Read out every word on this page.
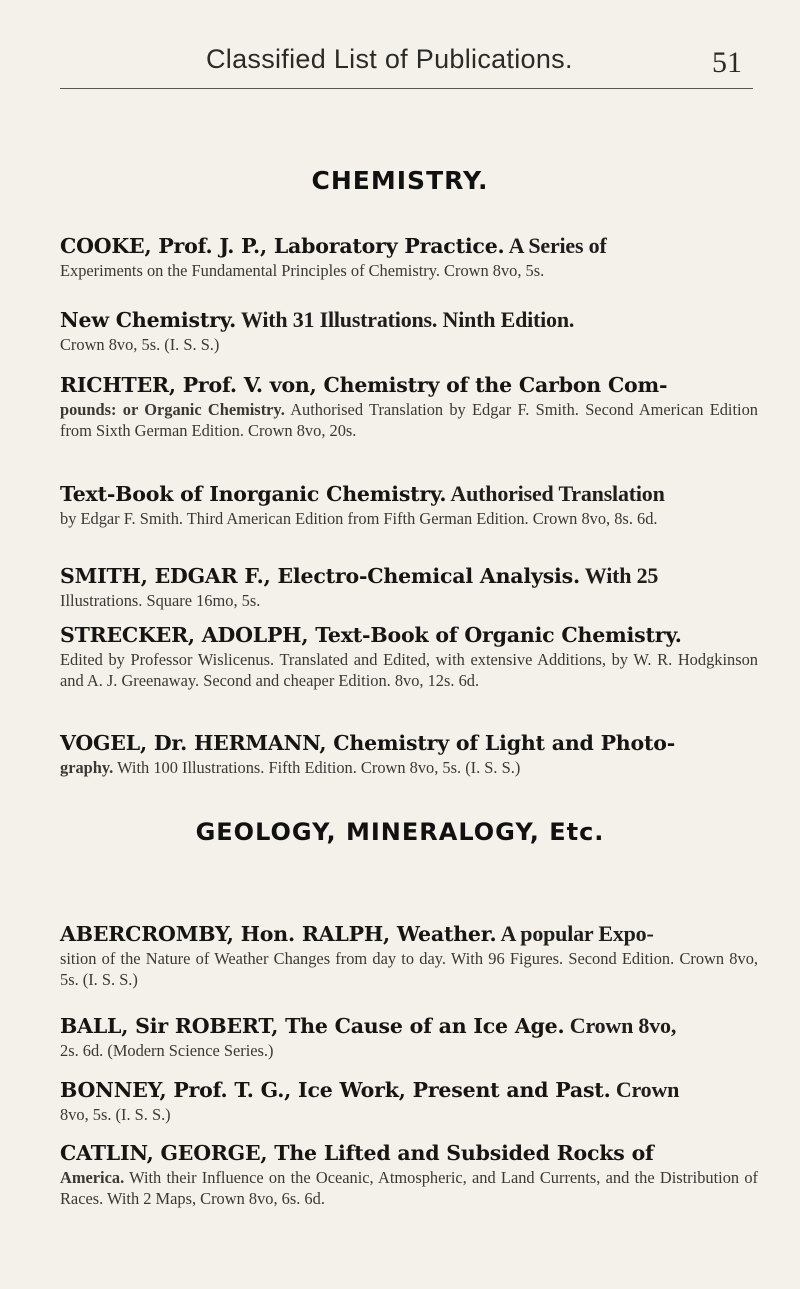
Classified List of Publications.	51
CHEMISTRY.
COOKE, Prof. J. P., Laboratory Practice. A Series of
Experiments on the Fundamental Principles of Chemistry. Crown 8vo, 5s.
New Chemistry. With 31 Illustrations. Ninth Edition.
Crown 8vo, 5s. (I. S. S.)
RICHTER, Prof. V. von, Chemistry of the Carbon Com-
pounds: or Organic Chemistry. Authorised Translation by Edgar F. Smith. Second American Edition from Sixth German Edition. Crown 8vo, 20s.
Text-Book of Inorganic Chemistry. Authorised Translation
by Edgar F. Smith. Third American Edition from Fifth German Edition. Crown 8vo, 8s. 6d.
SMITH, EDGAR F., Electro-Chemical Analysis. With 25
Illustrations. Square 16mo, 5s.
STRECKER, ADOLPH, Text-Book of Organic Chemistry.
Edited by Professor Wislicenus. Translated and Edited, with extensive Additions, by W. R. Hodgkinson and A. J. Greenaway. Second and cheaper Edition. 8vo, 12s. 6d.
VOGEL, Dr. HERMANN, Chemistry of Light and Photo-
graphy. With 100 Illustrations. Fifth Edition. Crown 8vo, 5s. (I. S. S.)
GEOLOGY, MINERALOGY, Etc.
ABERCROMBY, Hon. RALPH, Weather. A popular Expo-
sition of the Nature of Weather Changes from day to day. With 96 Figures. Second Edition. Crown 8vo, 5s. (I. S. S.)
BALL, Sir ROBERT, The Cause of an Ice Age. Crown 8vo,
2s. 6d. (Modern Science Series.)
BONNEY, Prof. T. G., Ice Work, Present and Past. Crown
8vo, 5s. (I. S. S.)
CATLIN, GEORGE, The Lifted and Subsided Rocks of
America. With their Influence on the Oceanic, Atmospheric, and Land Currents, and the Distribution of Races. With 2 Maps, Crown 8vo, 6s. 6d.
